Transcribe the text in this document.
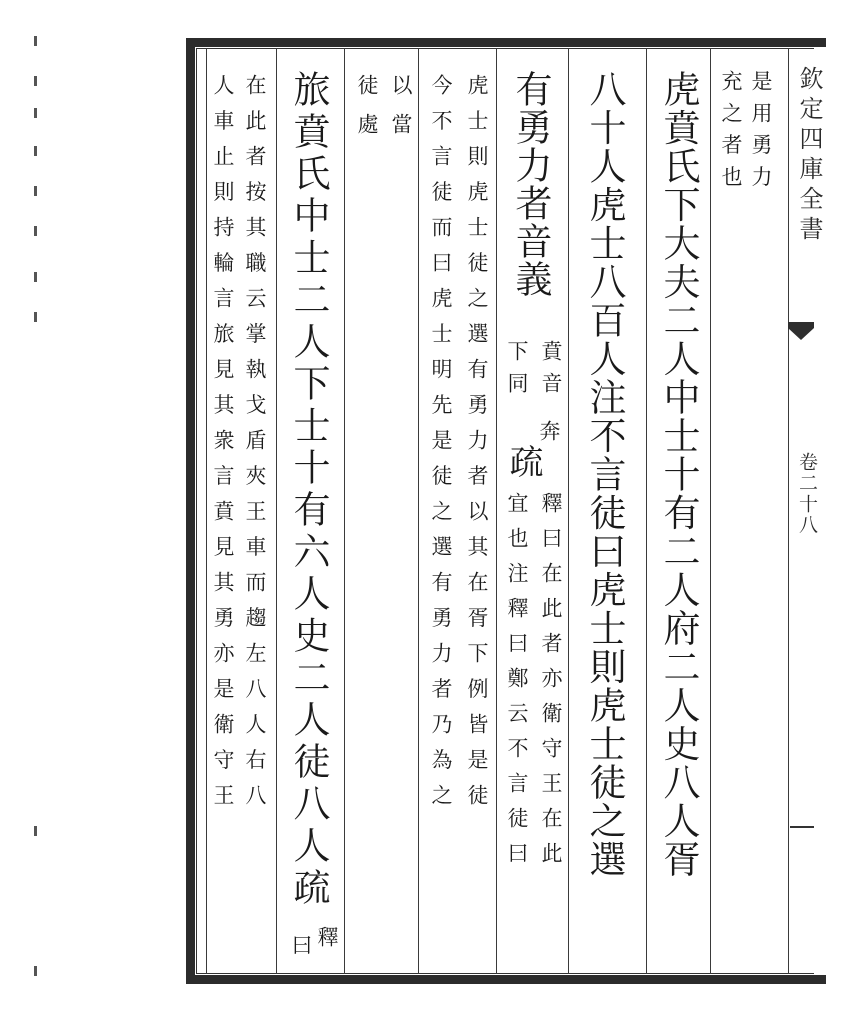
欽定四庫全書
卷二十八
是用勇力
充之者也
虎賁氏下大夫二人中士十有二人府二人史八人胥
八十人虎士八百人注不言徒曰虎士則虎士徒之選
有勇力者音義
賁音
下同
奔
疏
釋曰在此者亦衛守王在此
宜也注釋曰鄭云不言徒曰
虎士則虎士徒之選有勇力者以其在胥下例皆是徒
今不言徒而曰虎士明先是徒之選有勇力者乃為之
以當
徒處
旅賁氏中士二人下士十有六人史二人徒八人疏
釋
曰
在此者按其職云掌執戈盾夾王車而趨左八人右八
人車止則持輪言旅見其衆言賁見其勇亦是衛守王
